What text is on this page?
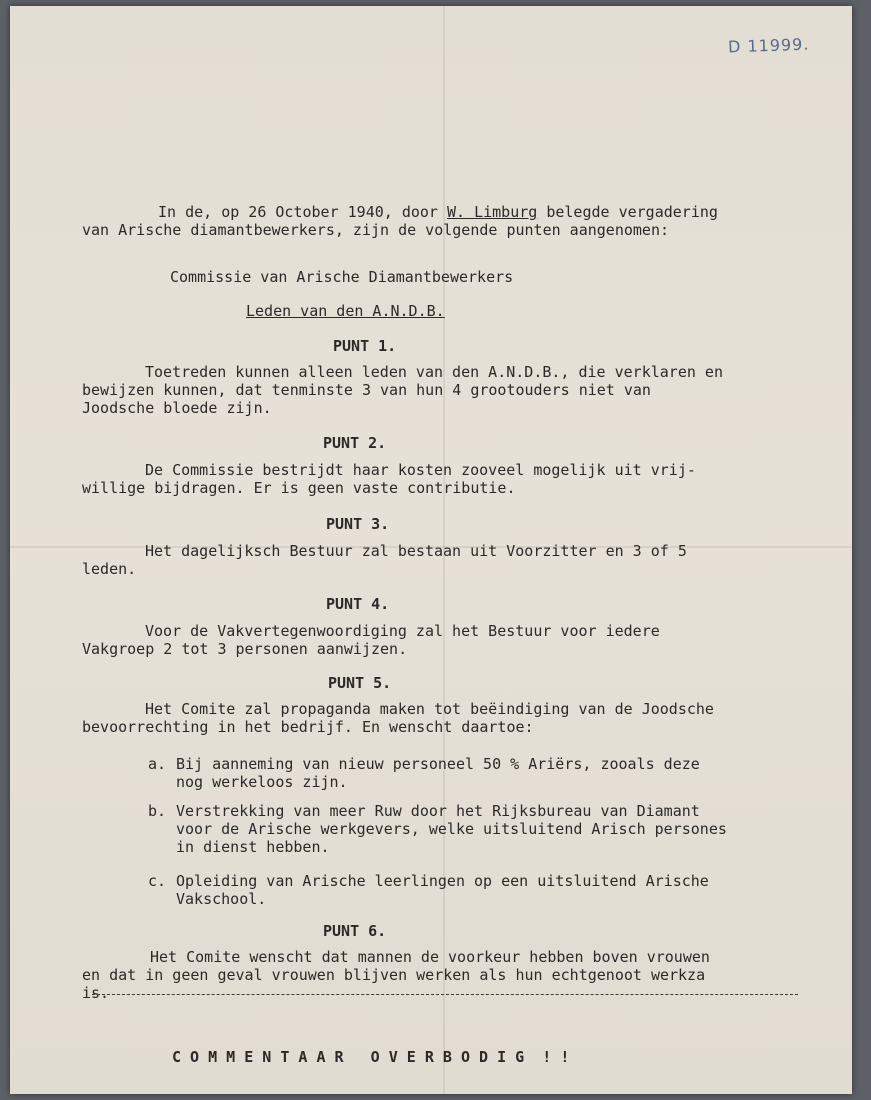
D 11999.
In de, op 26 October 1940, door W. Limburg belegde vergadering
van Arische diamantbewerkers, zijn de volgende punten aangenomen:
Commissie van Arische Diamantbewerkers
Leden van den A.N.D.B.
PUNT 1.
Toetreden kunnen alleen leden van den A.N.D.B., die verklaren en
bewijzen kunnen, dat tenminste 3 van hun 4 grootouders niet van
Joodsche bloede zijn.
PUNT 2.
De Commissie bestrijdt haar kosten zooveel mogelijk uit vrij-
willige bijdragen. Er is geen vaste contributie.
PUNT 3.
Het dagelijksch Bestuur zal bestaan uit Voorzitter en 3 of 5
leden.
PUNT 4.
Voor de Vakvertegenwoordiging zal het Bestuur voor iedere
Vakgroep 2 tot 3 personen aanwijzen.
PUNT 5.
Het Comite zal propaganda maken tot beëindiging van de Joodsche
bevoorrechting in het bedrijf. En wenscht daartoe:
a. Bij aanneming van nieuw personeel 50 % Ariërs, zooals deze
nog werkeloos zijn.
b. Verstrekking van meer Ruw door het Rijksbureau van Diamant
voor de Arische werkgevers, welke uitsluitend Arisch persones
in dienst hebben.
c. Opleiding van Arische leerlingen op een uitsluitend Arische
Vakschool.
PUNT 6.
Het Comite wenscht dat mannen de voorkeur hebben boven vrouwen
en dat in geen geval vrouwen blijven werken als hun echtgenoot werkza
is.
C O M M E N T A A R   O V E R B O D I G  ! !
